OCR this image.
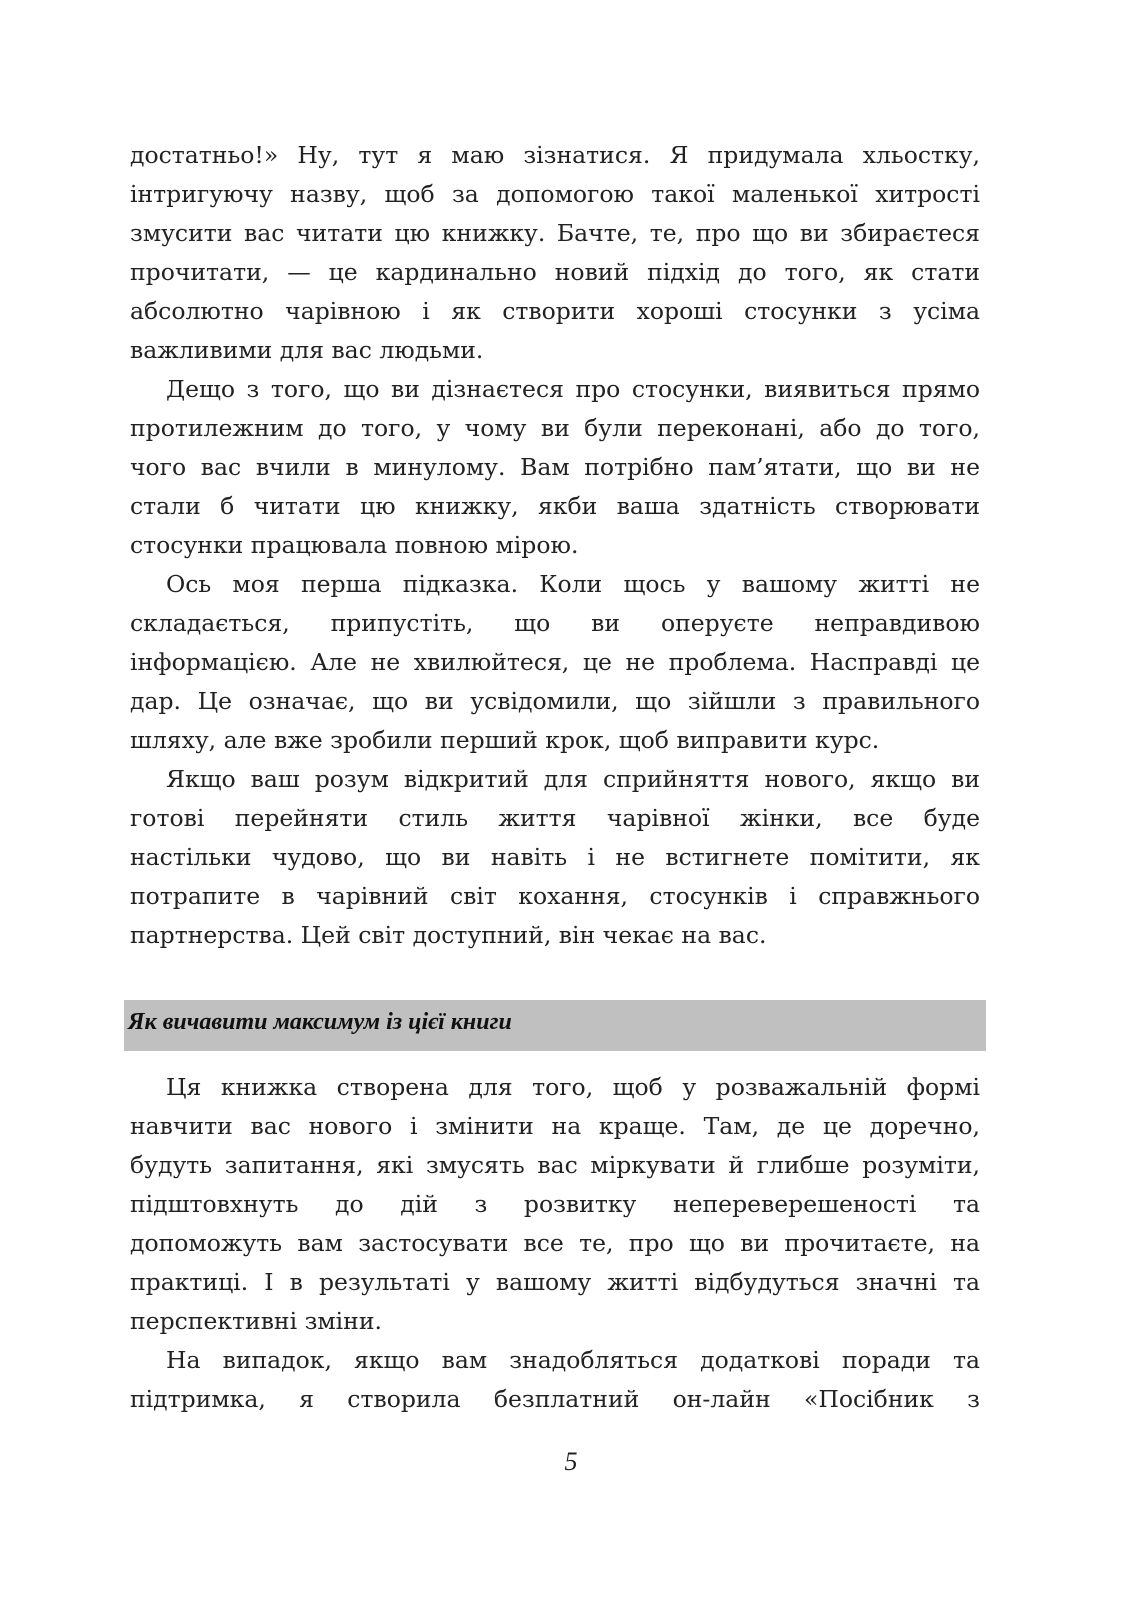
достатньо!» Ну, тут я маю зізнатися. Я придумала хльостку,
інтригуючу назву, щоб за допомогою такої маленької хитрості
змусити вас читати цю книжку. Бачте, те, про що ви збираєтеся
прочитати, — це кардинально новий підхід до того, як стати
абсолютно чарівною і як створити хороші стосунки з усіма
важливими для вас людьми.
Дещо з того, що ви дізнаєтеся про стосунки, виявиться прямо
протилежним до того, у чому ви були переконані, або до того,
чого вас вчили в минулому. Вам потрібно пам’ятати, що ви не
стали б читати цю книжку, якби ваша здатність створювати
стосунки працювала повною мірою.
Ось моя перша підказка. Коли щось у вашому житті не
складається, припустіть, що ви оперуєте неправдивою
інформацією. Але не хвилюйтеся, це не проблема. Насправді це
дар. Це означає, що ви усвідомили, що зійшли з правильного
шляху, але вже зробили перший крок, щоб виправити курс.
Якщо ваш розум відкритий для сприйняття нового, якщо ви
готові перейняти стиль життя чарівної жінки, все буде
настільки чудово, що ви навіть і не встигнете помітити, як
потрапите в чарівний світ кохання, стосунків і справжнього
партнерства. Цей світ доступний, він чекає на вас.
Як вичавити максимум із цієї книги
Ця книжка створена для того, щоб у розважальній формі
навчити вас нового і змінити на краще. Там, де це доречно,
будуть запитання, які змусять вас міркувати й глибше розуміти,
підштовхнуть до дій з розвитку непереверешеності та
допоможуть вам застосувати все те, про що ви прочитаєте, на
практиці. І в результаті у вашому житті відбудуться значні та
перспективні зміни.
На випадок, якщо вам знадобляться додаткові поради та
підтримка, я створила безплатний он-лайн «Посібник з
5
